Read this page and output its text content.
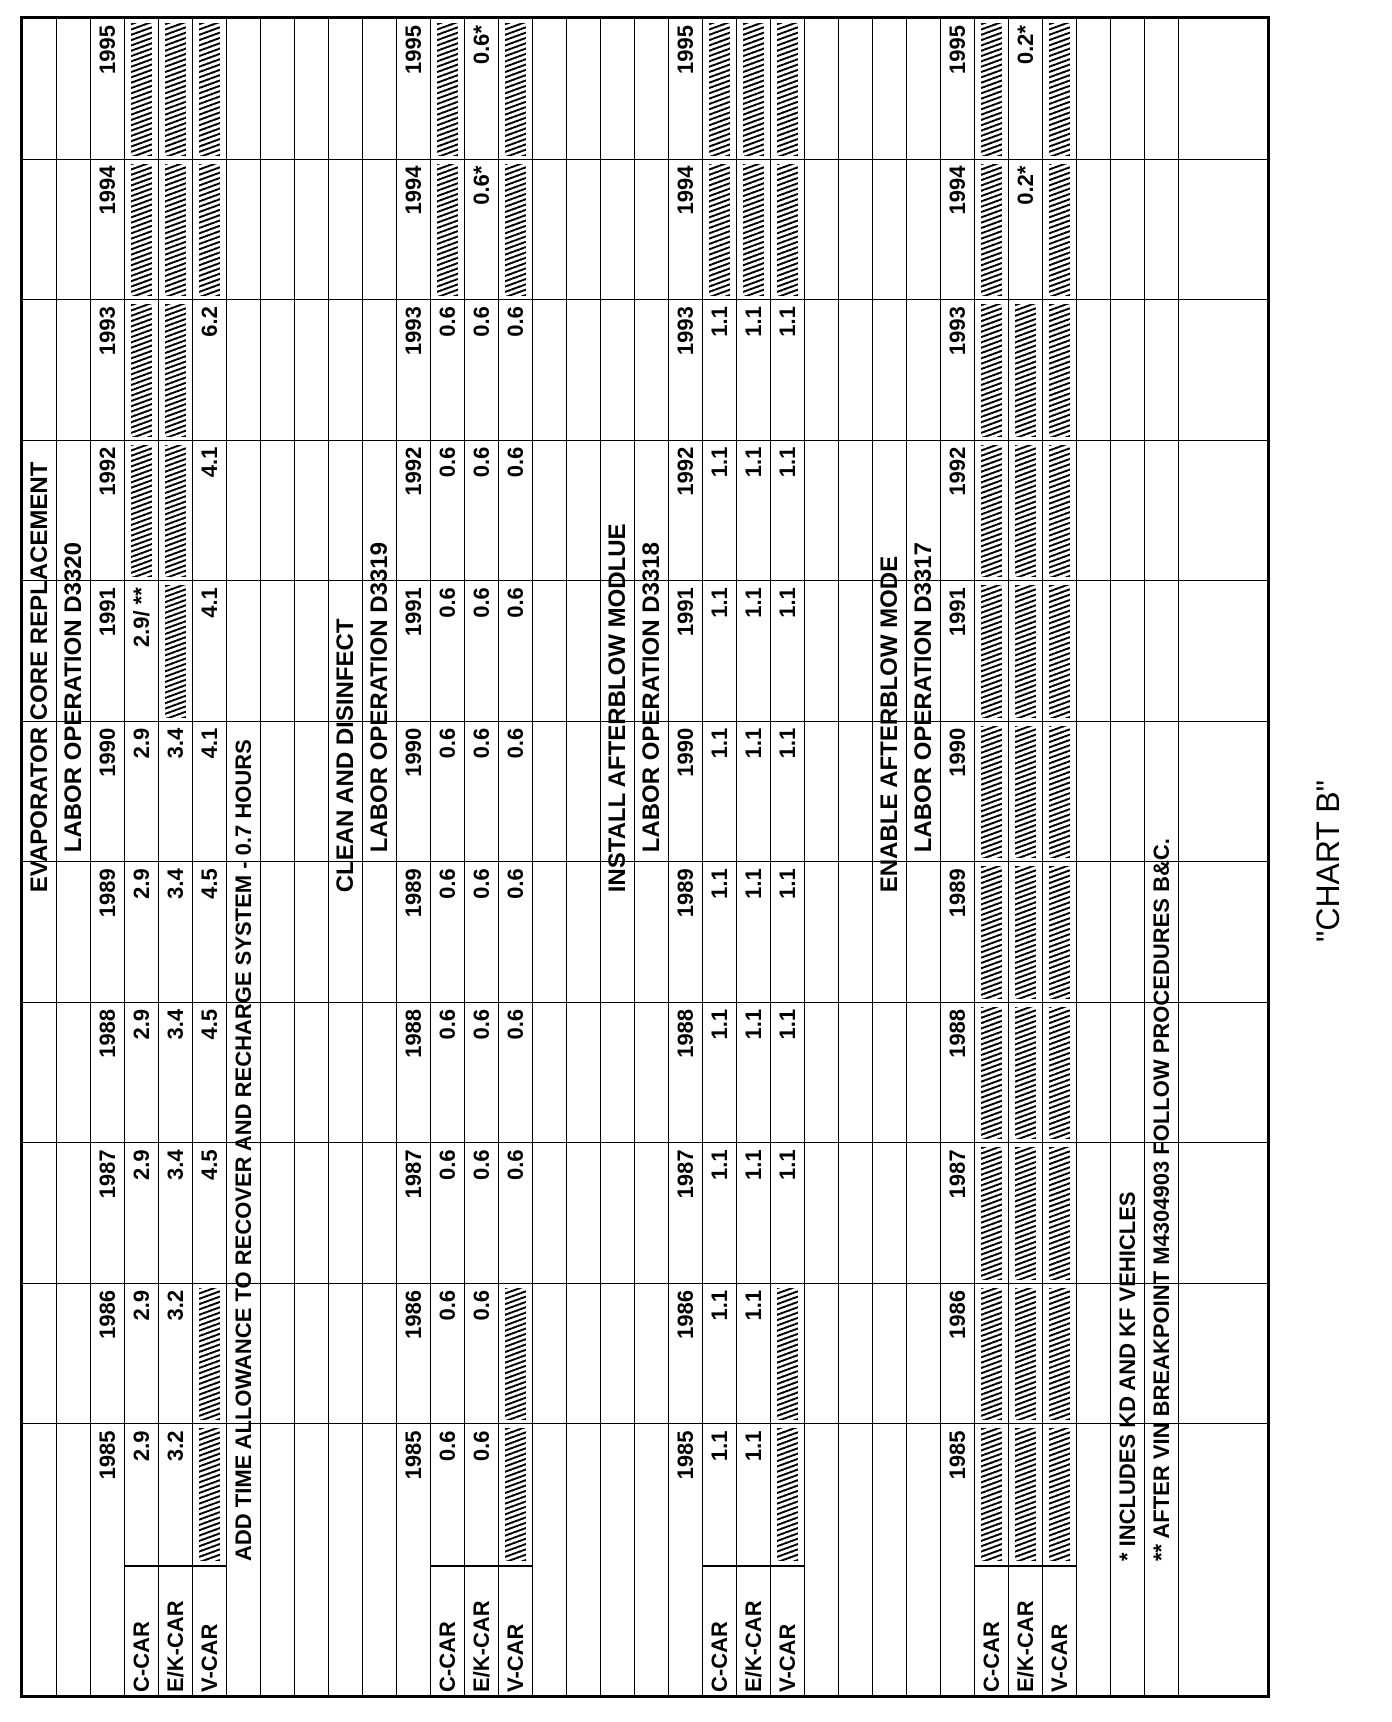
EVAPORATOR CORE REPLACEMENT LABOR OPERATION D3320
1985
1986
1987
1988
1989
1990
1991
1992
1993
1994
1995
C-CAR
2.9
2.9
2.9
2.9
2.9
2.9
2.9/ **
E/K-CAR
3.2
3.2
3.4
3.4
3.4
3.4
V-CAR
4.5
4.5
4.5
4.1
4.1
4.1
6.2
ADD TIME ALLOWANCE TO RECOVER AND RECHARGE SYSTEM - 0.7 HOURS	CLEAN AND DISINFECT LABOR OPERATION D3319
1985
1986
1987
1988
1989
1990
1991
1992
1993
1994
1995
C-CAR
0.6
0.6
0.6
0.6
0.6
0.6
0.6
0.6
0.6
E/K-CAR
0.6
0.6
0.6
0.6
0.6
0.6
0.6
0.6
0.6
0.6*
0.6*
V-CAR
0.6
0.6
0.6
0.6
0.6
0.6
0.6
INSTALL AFTERBLOW MODLUE LABOR OPERATION D3318
1985
1986
1987
1988
1989
1990
1991
1992
1993
1994
1995
C-CAR
1.1
1.1
1.1
1.1
1.1
1.1
1.1
1.1
1.1
E/K-CAR
1.1
1.1
1.1
1.1
1.1
1.1
1.1
1.1
1.1
V-CAR
1.1
1.1
1.1
1.1
1.1
1.1
1.1
ENABLE AFTERBLOW MODE LABOR OPERATION D3317
1985
1986
1987
1988
1989
1990
1991
1992
1993
1994
1995
C-CAR E/K-CAR
0.2*
0.2*
V-CAR
* INCLUDES KD AND KF VEHICLES ** AFTER VIN BREAKPOINT M4304903 FOLLOW PROCEDURES B&C.	"CHART B"
